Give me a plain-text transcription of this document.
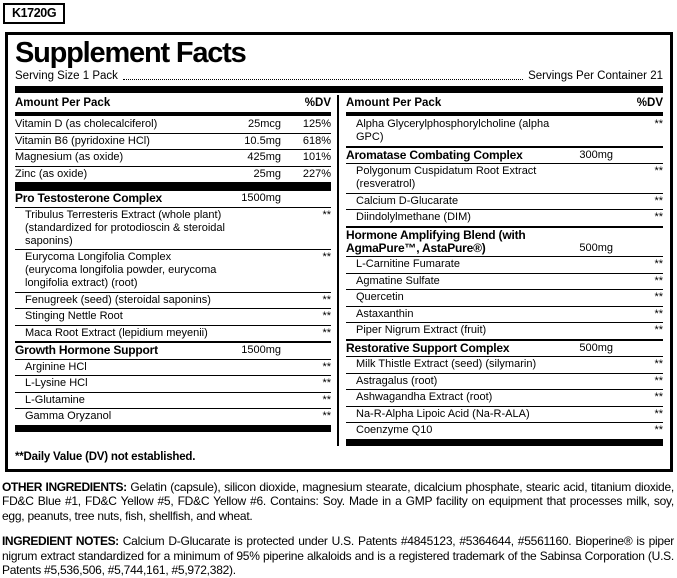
K1720G
Supplement Facts
Serving Size 1 Pack	Servings Per Container 21
Amount Per Pack	%DV
Vitamin D (as cholecalciferol)	25mcg	125%
Vitamin B6 (pyridoxine HCl)	10.5mg	618%
Magnesium (as oxide)	425mg	101%
Zinc (as oxide)	25mg	227%
Pro Testosterone Complex	1500mg
Tribulus Terresteris Extract (whole plant)
(standardized for protodioscin & steroidal saponins)
**
Eurycoma Longifolia Complex
(eurycoma longifolia powder, eurycoma
longifolia extract) (root)
**
Fenugreek (seed) (steroidal saponins)	**
Stinging Nettle Root	**
Maca Root Extract (lepidium meyenii)	**
Growth Hormone Support	1500mg
Arginine HCl	**
L-Lysine HCl	**
L-Glutamine	**
Gamma Oryzanol	**
Amount Per Pack	%DV
Alpha Glycerylphosphorylcholine (alpha GPC)
**
Aromatase Combating Complex	300mg
Polygonum Cuspidatum Root Extract (resveratrol)
**
Calcium D-Glucarate	**
Diindolylmethane (DIM)	**
Hormone Amplifying Blend (with
AgmaPure™, AstaPure®)	500mg
L-Carnitine Fumarate	**
Agmatine Sulfate	**
Quercetin	**
Astaxanthin	**
Piper Nigrum Extract (fruit)	**
Restorative Support Complex	500mg
Milk Thistle Extract (seed) (silymarin)	**
Astragalus (root)	**
Ashwagandha Extract (root)	**
Na-R-Alpha Lipoic Acid (Na-R-ALA)	**
Coenzyme Q10	**
**Daily Value (DV) not established.

OTHER INGREDIENTS: Gelatin (capsule), silicon dioxide, magnesium stearate, dicalcium phosphate, stearic acid, titanium dioxide, FD&C Blue #1, FD&C Yellow #5, FD&C Yellow #6. Contains: Soy. Made in a GMP facility on equipment that processes milk, soy, egg, peanuts, tree nuts, fish, shellfish, and wheat.

INGREDIENT NOTES: Calcium D-Glucarate is protected under U.S. Patents #4845123, #5364644, #5561160. Bioperine® is piper nigrum extract standardized for a minimum of 95% piperine alkaloids and is a registered trademark of the Sabinsa Corporation (U.S. Patents #5,536,506, #5,744,161, #5,972,382).
